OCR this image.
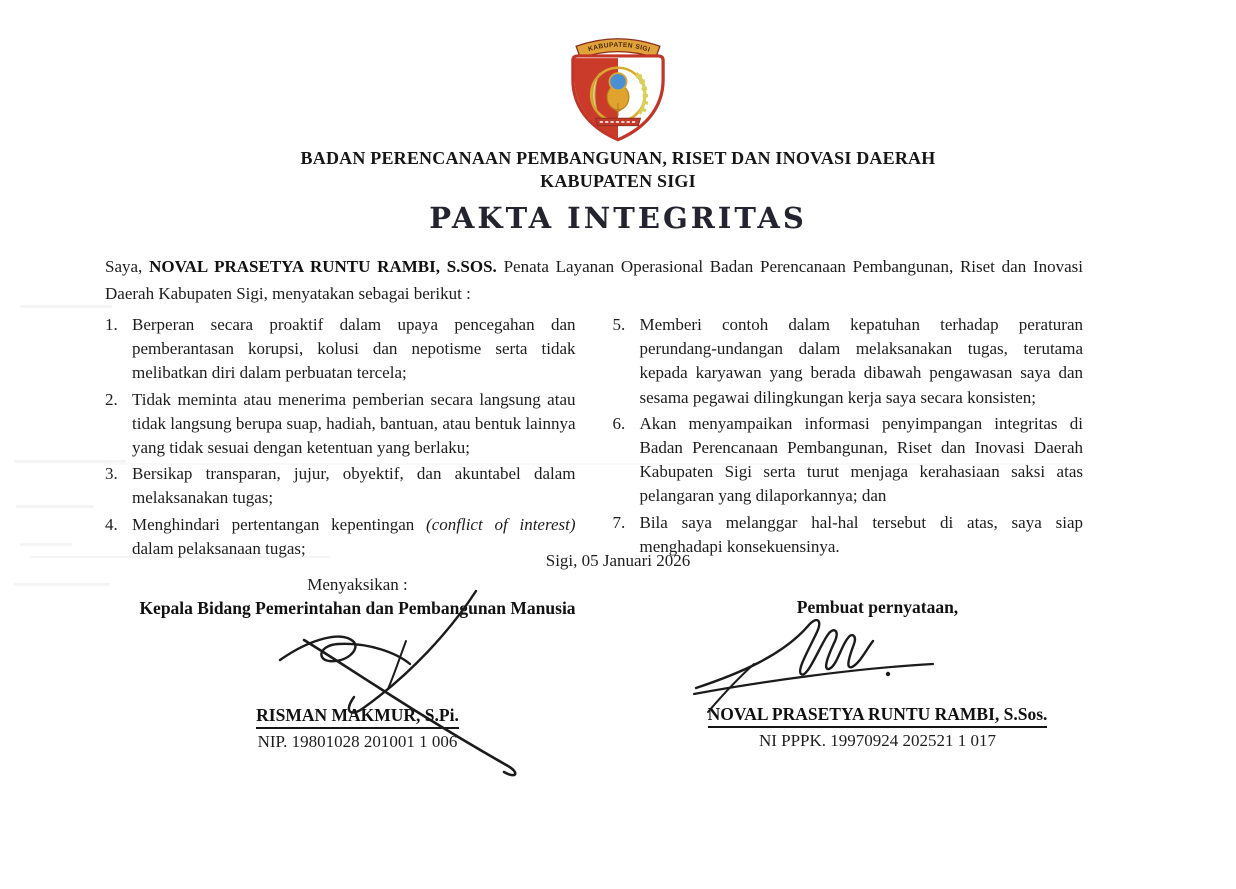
KABUPATEN SIGI
BADAN PERENCANAAN PEMBANGUNAN, RISET DAN INOVASI DAERAH
KABUPATEN SIGI
PAKTA INTEGRITAS

Saya, NOVAL PRASETYA RUNTU RAMBI, S.SOS. Penata Layanan Operasional Badan Perencanaan Pembangunan, Riset dan Inovasi Daerah Kabupaten Sigi, menyatakan sebagai berikut :

1. Berperan secara proaktif dalam upaya pencegahan dan pemberantasan korupsi, kolusi dan nepotisme serta tidak melibatkan diri dalam perbuatan tercela;
2. Tidak meminta atau menerima pemberian secara langsung atau tidak langsung berupa suap, hadiah, bantuan, atau bentuk lainnya yang tidak sesuai dengan ketentuan yang berlaku;
3. Bersikap transparan, jujur, obyektif, dan akuntabel dalam melaksanakan tugas;
4. Menghindari pertentangan kepentingan (conflict of interest) dalam pelaksanaan tugas;
5. Memberi contoh dalam kepatuhan terhadap peraturan perundang-undangan dalam melaksanakan tugas, terutama kepada karyawan yang berada dibawah pengawasan saya dan sesama pegawai dilingkungan kerja saya secara konsisten;
6. Akan menyampaikan informasi penyimpangan integritas di Badan Perencanaan Pembangunan, Riset dan Inovasi Daerah Kabupaten Sigi serta turut menjaga kerahasiaan saksi atas pelangaran yang dilaporkannya; dan
7. Bila saya melanggar hal-hal tersebut di atas, saya siap menghadapi konsekuensinya.
Sigi, 05 Januari 2026
Menyaksikan :
Kepala Bidang Pemerintahan dan Pembangunan Manusia
RISMAN MAKMUR, S.Pi.
NIP. 19801028 201001 1 006
Pembuat pernyataan,
NOVAL PRASETYA RUNTU RAMBI, S.Sos.
NI PPPK. 19970924 202521 1 017
